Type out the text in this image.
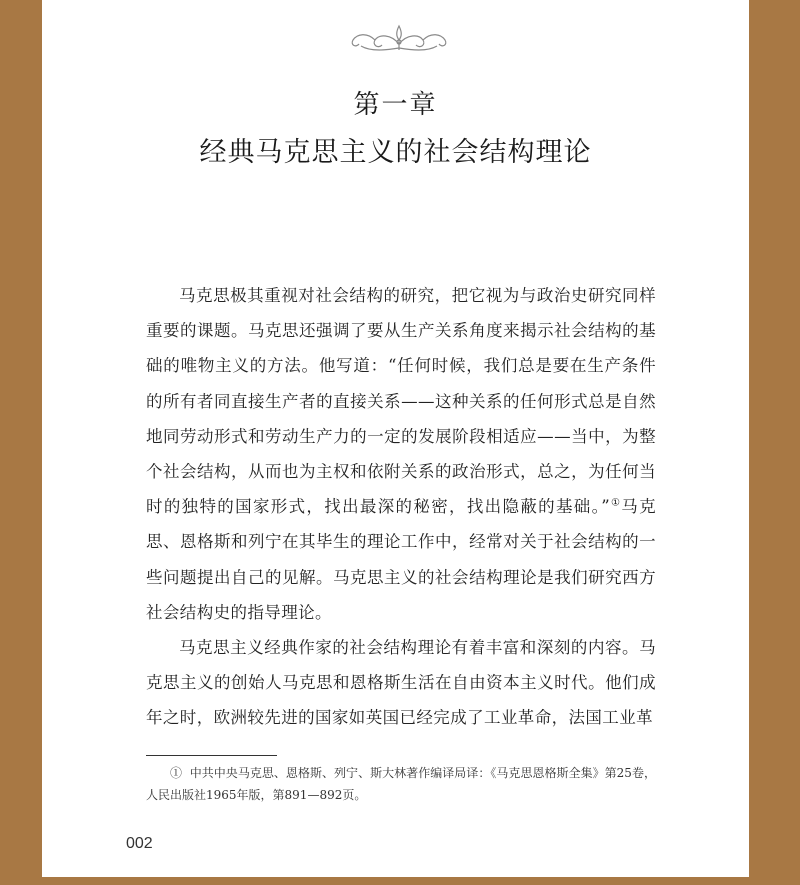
第一章
经典马克思主义的社会结构理论

马克思极其重视对社会结构的研究，把它视为与政治史研究同样重要的课题。马克思还强调了要从生产关系角度来揭示社会结构的基础的唯物主义的方法。他写道：“任何时候，我们总是要在生产条件的所有者同直接生产者的直接关系——这种关系的任何形式总是自然地同劳动形式和劳动生产力的一定的发展阶段相适应——当中，为整个社会结构，从而也为主权和依附关系的政治形式，总之，为任何当时的独特的国家形式，找出最深的秘密，找出隐蔽的基础。”①马克思、恩格斯和列宁在其毕生的理论工作中，经常对关于社会结构的一些问题提出自己的见解。马克思主义的社会结构理论是我们研究西方社会结构史的指导理论。

马克思主义经典作家的社会结构理论有着丰富和深刻的内容。马克思主义的创始人马克思和恩格斯生活在自由资本主义时代。他们成年之时，欧洲较先进的国家如英国已经完成了工业革命，法国工业革

① 中共中央马克思、恩格斯、列宁、斯大林著作编译局译：《马克思恩格斯全集》第25卷，人民出版社1965年版，第891—892页。
002
